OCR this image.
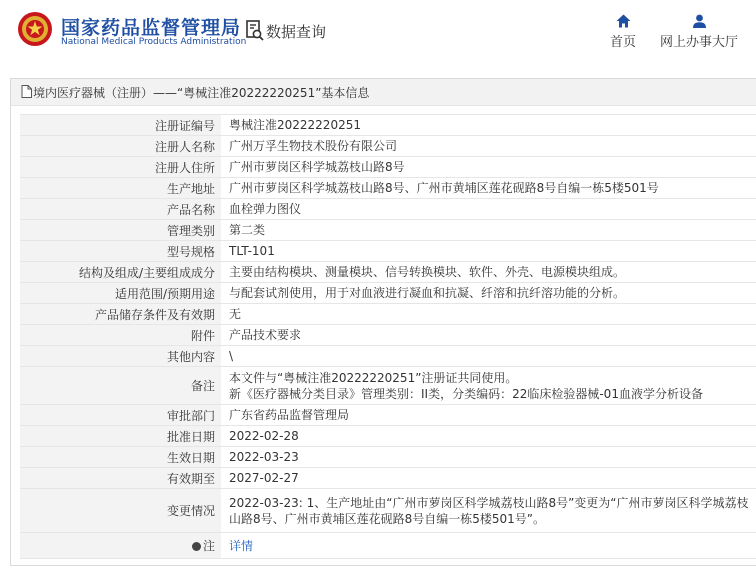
国家药品监督管理局
National Medical Products Administration
数据查询
首页	网上办事大厅
境内医疗器械（注册）——“粤械注准20222220251”基本信息
注册证编号	粤械注准20222220251
注册人名称	广州万孚生物技术股份有限公司
注册人住所	广州市萝岗区科学城荔枝山路8号
生产地址	广州市萝岗区科学城荔枝山路8号、广州市黄埔区莲花砚路8号自编一栋5楼501号
产品名称	血栓弹力图仪
管理类别	第二类
型号规格	TLT-101
结构及组成/主要组成成分	主要由结构模块、测量模块、信号转换模块、软件、外壳、电源模块组成。
适用范围/预期用途	与配套试剂使用，用于对血液进行凝血和抗凝、纤溶和抗纤溶功能的分析。
产品储存条件及有效期	无
附件	产品技术要求
其他内容	\
备注	本文件与“粤械注准20222220251”注册证共同使用。
新《医疗器械分类目录》管理类别：II类，分类编码：22临床检验器械-01血液学分析设备

审批部门	广东省药品监督管理局
批准日期	2022-02-28
生效日期	2022-03-23
有效期至	2027-02-27
变更情况	2022-03-23: 1、生产地址由“广州市萝岗区科学城荔枝山路8号”变更为“广州市萝岗区科学城荔枝山路8号、广州市黄埔区莲花砚路8号自编一栋5楼501号”。
注	详情
